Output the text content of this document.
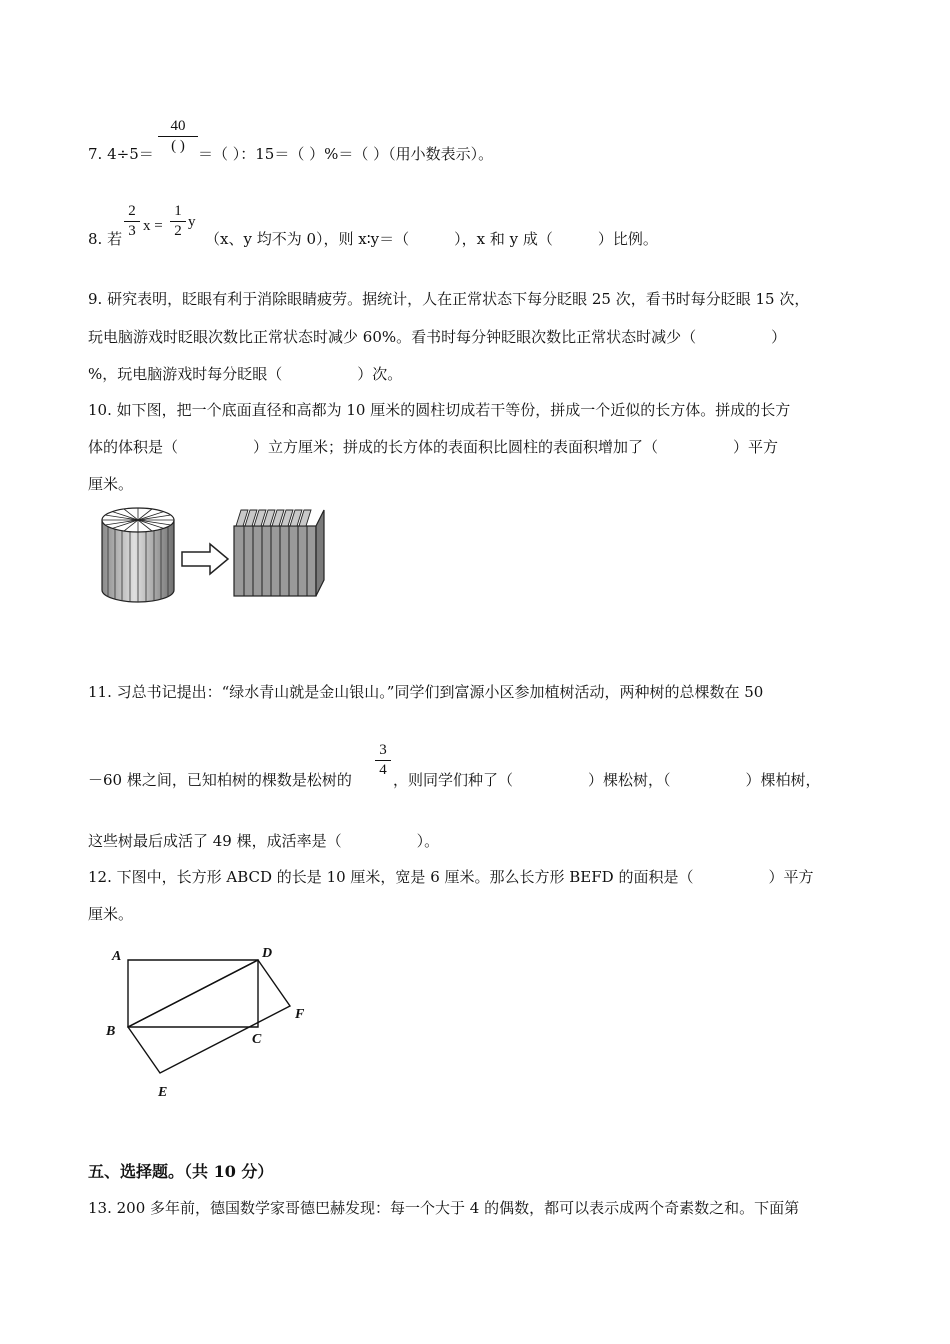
7. 4÷5＝
40
( ) ＝（ ）：15＝（ ）%＝（ ）（用小数表示）。
8. 若
2
3 x =
1
2
y
（x、y 均不为 0），则 x∶y＝（　　　），x 和 y 成（　　　）比例。
9. 研究表明，眨眼有利于消除眼睛疲劳。据统计，人在正常状态下每分眨眼 25 次，看书时每分眨眼 15 次，
玩电脑游戏时眨眼次数比正常状态时减少 60%。看书时每分钟眨眼次数比正常状态时减少（　　　　　）
%，玩电脑游戏时每分眨眼（　　　　　）次。
10. 如下图，把一个底面直径和高都为 10 厘米的圆柱切成若干等份，拼成一个近似的长方体。拼成的长方
体的体积是（　　　　　）立方厘米；拼成的长方体的表面积比圆柱的表面积增加了（　　　　　）平方
厘米。
11. 习总书记提出：“绿水青山就是金山银山。”同学们到富源小区参加植树活动，两种树的总棵数在 50
－60 棵之间，已知柏树的棵数是松树的
3
4
，则同学们种了（　　　　　）棵松树，（　　　　　）棵柏树，
这些树最后成活了 49 棵，成活率是（　　　　　）。
12. 下图中，长方形 ABCD 的长是 10 厘米，宽是 6 厘米。那么长方形 BEFD 的面积是（　　　　　）平方
厘米。
A	D
B
C
F
E
五、选择题。（共 10 分）
13. 200 多年前，德国数学家哥德巴赫发现：每一个大于 4 的偶数，都可以表示成两个奇素数之和。下面第
